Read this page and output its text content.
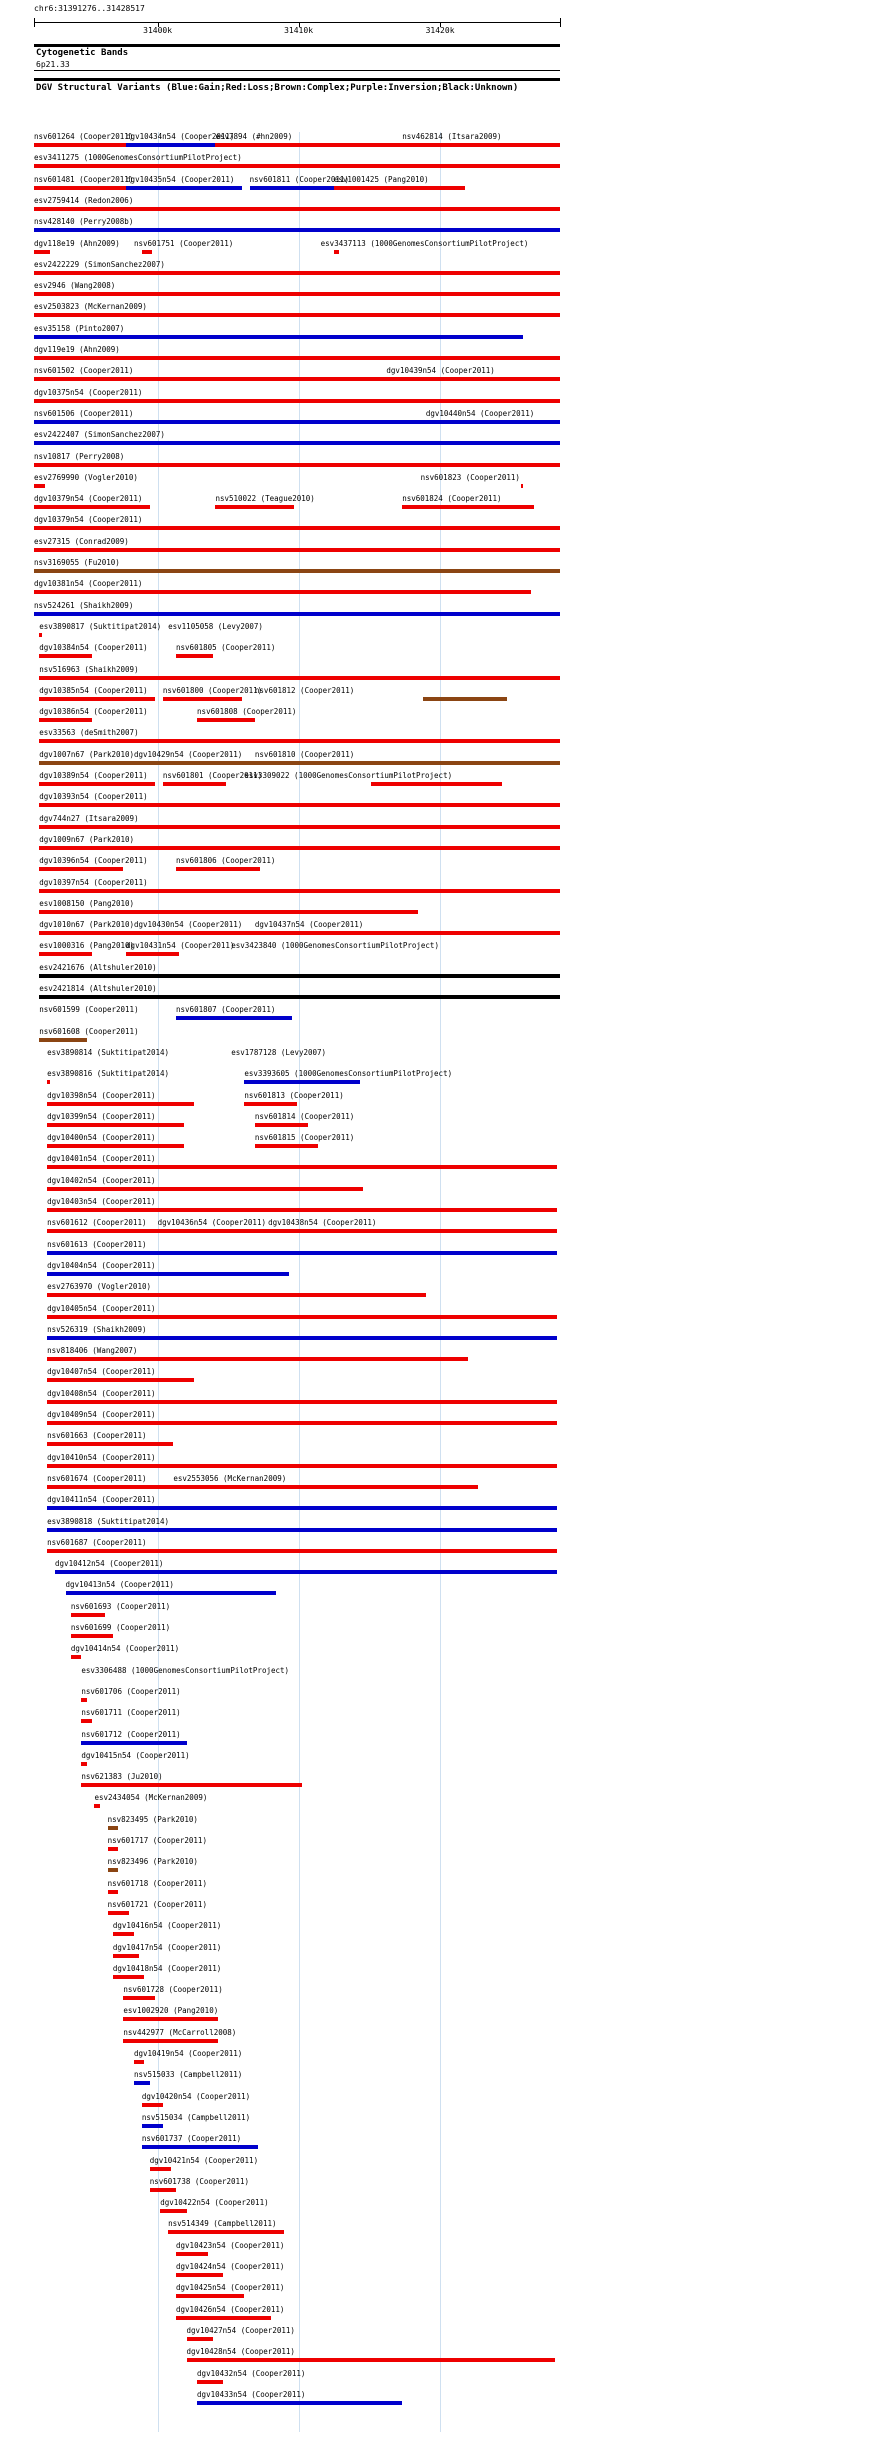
chr6:31391276..31428517
31400k	31410k	31420k
Cytogenetic Bands
6p21.33
DGV Structural Variants (Blue:Gain;Red:Loss;Brown:Complex;Purple:Inversion;Black:Unknown)
nsv601264 (Cooper2011)
dgv10434n54 (Cooper2011)
esv7894 (#hn2009)	nsv462814 (Itsara2009)
esv3411275 (1000GenomesConsortiumPilotProject)
nsv601481 (Cooper2011)
dgv10435n54 (Cooper2011) nsv601811 (Cooper2011)
esv1001425 (Pang2010)
esv2759414 (Redon2006)
nsv428140 (Perry2008b)
dgv118e19 (Ahn2009) nsv601751 (Cooper2011)	esv3437113 (1000GenomesConsortiumPilotProject)
esv2422229 (SimonSanchez2007)
esv2946 (Wang2008)
esv2503823 (McKernan2009)
esv35158 (Pinto2007)
dgv119e19 (Ahn2009)
nsv601502 (Cooper2011)	dgv10439n54 (Cooper2011)
dgv10375n54 (Cooper2011)
nsv601506 (Cooper2011)	dgv10440n54 (Cooper2011)
esv2422407 (SimonSanchez2007)
nsv10817 (Perry2008)
esv2769990 (Vogler2010)	nsv601823 (Cooper2011)
dgv10379n54 (Cooper2011)	nsv510022 (Teague2010)	nsv601824 (Cooper2011)
dgv10379n54 (Cooper2011)
esv27315 (Conrad2009)
nsv3169055 (Fu2010)
dgv10381n54 (Cooper2011)
nsv524261 (Shaikh2009)
esv3890817 (Suktitipat2014) esv1105058 (Levy2007)
dgv10384n54 (Cooper2011)	nsv601805 (Cooper2011)
nsv516963 (Shaikh2009)
dgv10385n54 (Cooper2011) nsv601800 (Cooper2011)
nsv601812 (Cooper2011)
dgv10386n54 (Cooper2011)	nsv601808 (Cooper2011)
esv33563 (deSmith2007)
dgv1007n67 (Park2010) dgv10429n54 (Cooper2011) nsv601810 (Cooper2011)
dgv10389n54 (Cooper2011) nsv601801 (Cooper2011)
esv3309022 (1000GenomesConsortiumPilotProject)
dgv10393n54 (Cooper2011)
dgv744n27 (Itsara2009)
dgv1009n67 (Park2010)
dgv10396n54 (Cooper2011)	nsv601806 (Cooper2011)
dgv10397n54 (Cooper2011)
esv1008150 (Pang2010)
dgv1010n67 (Park2010) dgv10430n54 (Cooper2011) dgv10437n54 (Cooper2011)
esv1000316 (Pang2010)
dgv10431n54 (Cooper2011)
esv3423840 (1000GenomesConsortiumPilotProject)
esv2421676 (Altshuler2010)
esv2421814 (Altshuler2010)
nsv601599 (Cooper2011)	nsv601807 (Cooper2011)
nsv601608 (Cooper2011)
esv3890814 (Suktitipat2014)	esv1787128 (Levy2007)
esv3890816 (Suktitipat2014)	esv3393605 (1000GenomesConsortiumPilotProject)
dgv10398n54 (Cooper2011)	nsv601813 (Cooper2011)
dgv10399n54 (Cooper2011)	nsv601814 (Cooper2011)
dgv10400n54 (Cooper2011)	nsv601815 (Cooper2011)
dgv10401n54 (Cooper2011)
dgv10402n54 (Cooper2011)
dgv10403n54 (Cooper2011)
nsv601612 (Cooper2011) dgv10436n54 (Cooper2011) dgv10438n54 (Cooper2011)
nsv601613 (Cooper2011)
dgv10404n54 (Cooper2011)
esv2763970 (Vogler2010)
dgv10405n54 (Cooper2011)
nsv526319 (Shaikh2009)
nsv818406 (Wang2007)
dgv10407n54 (Cooper2011)
dgv10408n54 (Cooper2011)
dgv10409n54 (Cooper2011)
nsv601663 (Cooper2011)
dgv10410n54 (Cooper2011)
nsv601674 (Cooper2011)	esv2553056 (McKernan2009)
dgv10411n54 (Cooper2011)
esv3890818 (Suktitipat2014)
nsv601687 (Cooper2011)
dgv10412n54 (Cooper2011)
dgv10413n54 (Cooper2011)
nsv601693 (Cooper2011)
nsv601699 (Cooper2011)
dgv10414n54 (Cooper2011)
esv3306488 (1000GenomesConsortiumPilotProject)
nsv601706 (Cooper2011)
nsv601711 (Cooper2011)
nsv601712 (Cooper2011)
dgv10415n54 (Cooper2011)
nsv621383 (Ju2010)
esv2434054 (McKernan2009)
nsv823495 (Park2010)
nsv601717 (Cooper2011)
nsv823496 (Park2010)
nsv601718 (Cooper2011)
nsv601721 (Cooper2011)
dgv10416n54 (Cooper2011)
dgv10417n54 (Cooper2011)
dgv10418n54 (Cooper2011)
nsv601728 (Cooper2011)
esv1002920 (Pang2010)
nsv442977 (McCarroll2008)
dgv10419n54 (Cooper2011)
nsv515033 (Campbell2011)
dgv10420n54 (Cooper2011)
nsv515034 (Campbell2011)
nsv601737 (Cooper2011)
dgv10421n54 (Cooper2011)
nsv601738 (Cooper2011)
dgv10422n54 (Cooper2011)
nsv514349 (Campbell2011)
dgv10423n54 (Cooper2011)
dgv10424n54 (Cooper2011)
dgv10425n54 (Cooper2011)
dgv10426n54 (Cooper2011)
dgv10427n54 (Cooper2011)
dgv10428n54 (Cooper2011)
dgv10432n54 (Cooper2011)
dgv10433n54 (Cooper2011)
